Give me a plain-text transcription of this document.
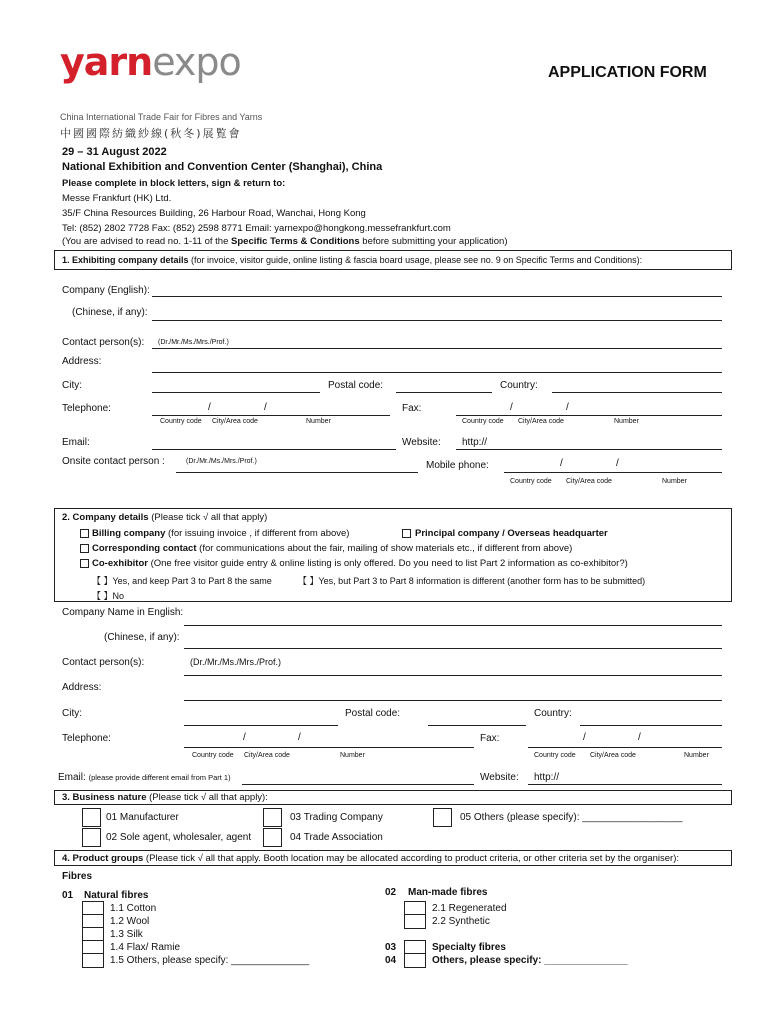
yarnexpo
China International Trade Fair for Fibres and Yarns
中國國際紡織紗線(秋冬)展覧會
APPLICATION FORM
29 – 31 August 2022
National Exhibition and Convention Center (Shanghai), China
Please complete in block letters, sign & return to:
Messe Frankfurt (HK) Ltd.
35/F China Resources Building, 26 Harbour Road, Wanchai, Hong Kong
Tel: (852) 2802 7728 Fax: (852) 2598 8771 Email: yarnexpo@hongkong.messefrankfurt.com
(You are advised to read no. 1-11 of the Specific Terms & Conditions before submitting your application)
1. Exhibiting company details (for invoice, visitor guide, online listing & fascia board usage, please see no. 9 on Specific Terms and Conditions):
Company (English):
(Chinese, if any):
Contact person(s): (Dr./Mr./Ms./Mrs./Prof.)
Address:
City:	Postal code:	Country:
Telephone:	/	/
Country code City/Area code	Number
Fax:	/	/
Country code City/Area code	Number
Email:	Website: http://
Onsite contact person :	(Dr./Mr./Ms./Mrs./Prof.)	Mobile phone:	/	/
Country code City/Area code	Number
2. Company details (Please tick √ all that apply)
Billing company (for issuing invoice , if different from above)	Principal company / Overseas headquarter
Corresponding contact (for communications about the fair, mailing of show materials etc., if different from above)
Co-exhibitor (One free visitor guide entry & online listing is only offered. Do you need to list Part 2 information as co-exhibitor?)
【 】Yes, and keep Part 3 to Part 8 the same	【 】Yes, but Part 3 to Part 8 information is different (another form has to be submitted)
【 】No
Company Name in English:
(Chinese, if any):
Contact person(s):	(Dr./Mr./Ms./Mrs./Prof.)
Address:
City:	Postal code:	Country:
Telephone:	/	/
Country code City/Area code	Number
Fax:	/	/
Country code City/Area code	Number
Email: (please provide different email from Part 1)	Website: http://
3. Business nature (Please tick √ all that apply):
01 Manufacturer
02 Sole agent, wholesaler, agent
03 Trading Company
04 Trade Association
05 Others (please specify): __________________
4. Product groups (Please tick √ all that apply. Booth location may be allocated according to product criteria, or other criteria set by the organiser):
Fibres
01 Natural fibres
1.1 Cotton
1.2 Wool
1.3 Silk
1.4 Flax/ Ramie
1.5 Others, please specify: ______________
02 Man-made fibres
2.1 Regenerated
2.2 Synthetic
03	Specialty fibres
04	Others, please specify: _______________
